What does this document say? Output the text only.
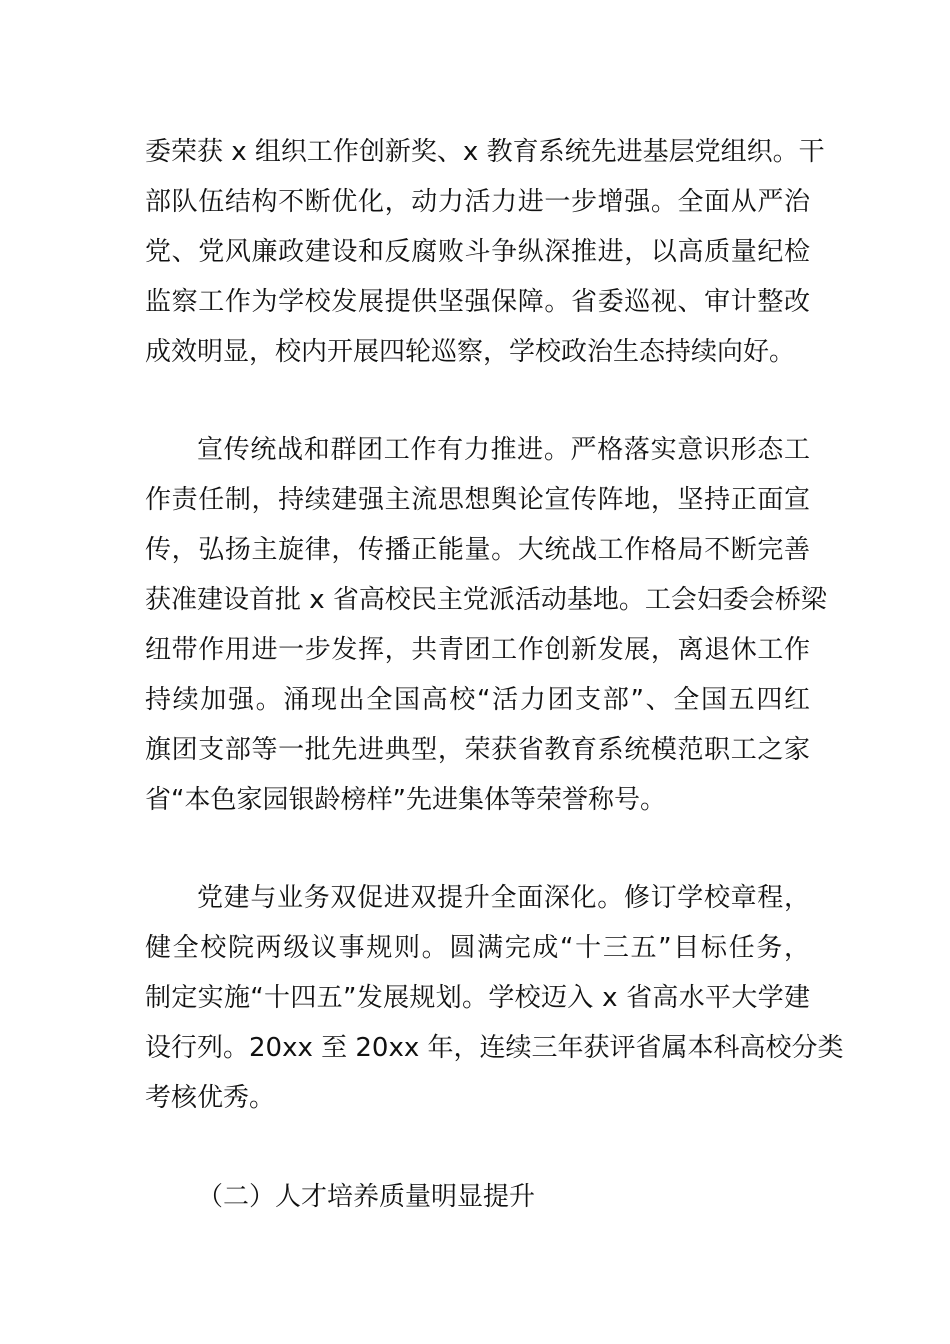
委荣获 x 组织工作创新奖、x 教育系统先进基层党组织。干
部队伍结构不断优化，动力活力进一步增强。全面从严治
党、党风廉政建设和反腐败斗争纵深推进，以高质量纪检
监察工作为学校发展提供坚强保障。省委巡视、审计整改
成效明显，校内开展四轮巡察，学校政治生态持续向好。
宣传统战和群团工作有力推进。严格落实意识形态工
作责任制，持续建强主流思想舆论宣传阵地，坚持正面宣
传，弘扬主旋律，传播正能量。大统战工作格局不断完善
获准建设首批 x 省高校民主党派活动基地。工会妇委会桥梁
纽带作用进一步发挥，共青团工作创新发展，离退休工作
持续加强。涌现出全国高校“活力团支部”、全国五四红
旗团支部等一批先进典型，荣获省教育系统模范职工之家
省“本色家园银龄榜样”先进集体等荣誉称号。
党建与业务双促进双提升全面深化。修订学校章程，
健全校院两级议事规则。圆满完成“十三五”目标任务，
制定实施“十四五”发展规划。学校迈入 x 省高水平大学建
设行列。20xx 至 20xx 年，连续三年获评省属本科高校分类
考核优秀。
（二）人才培养质量明显提升
